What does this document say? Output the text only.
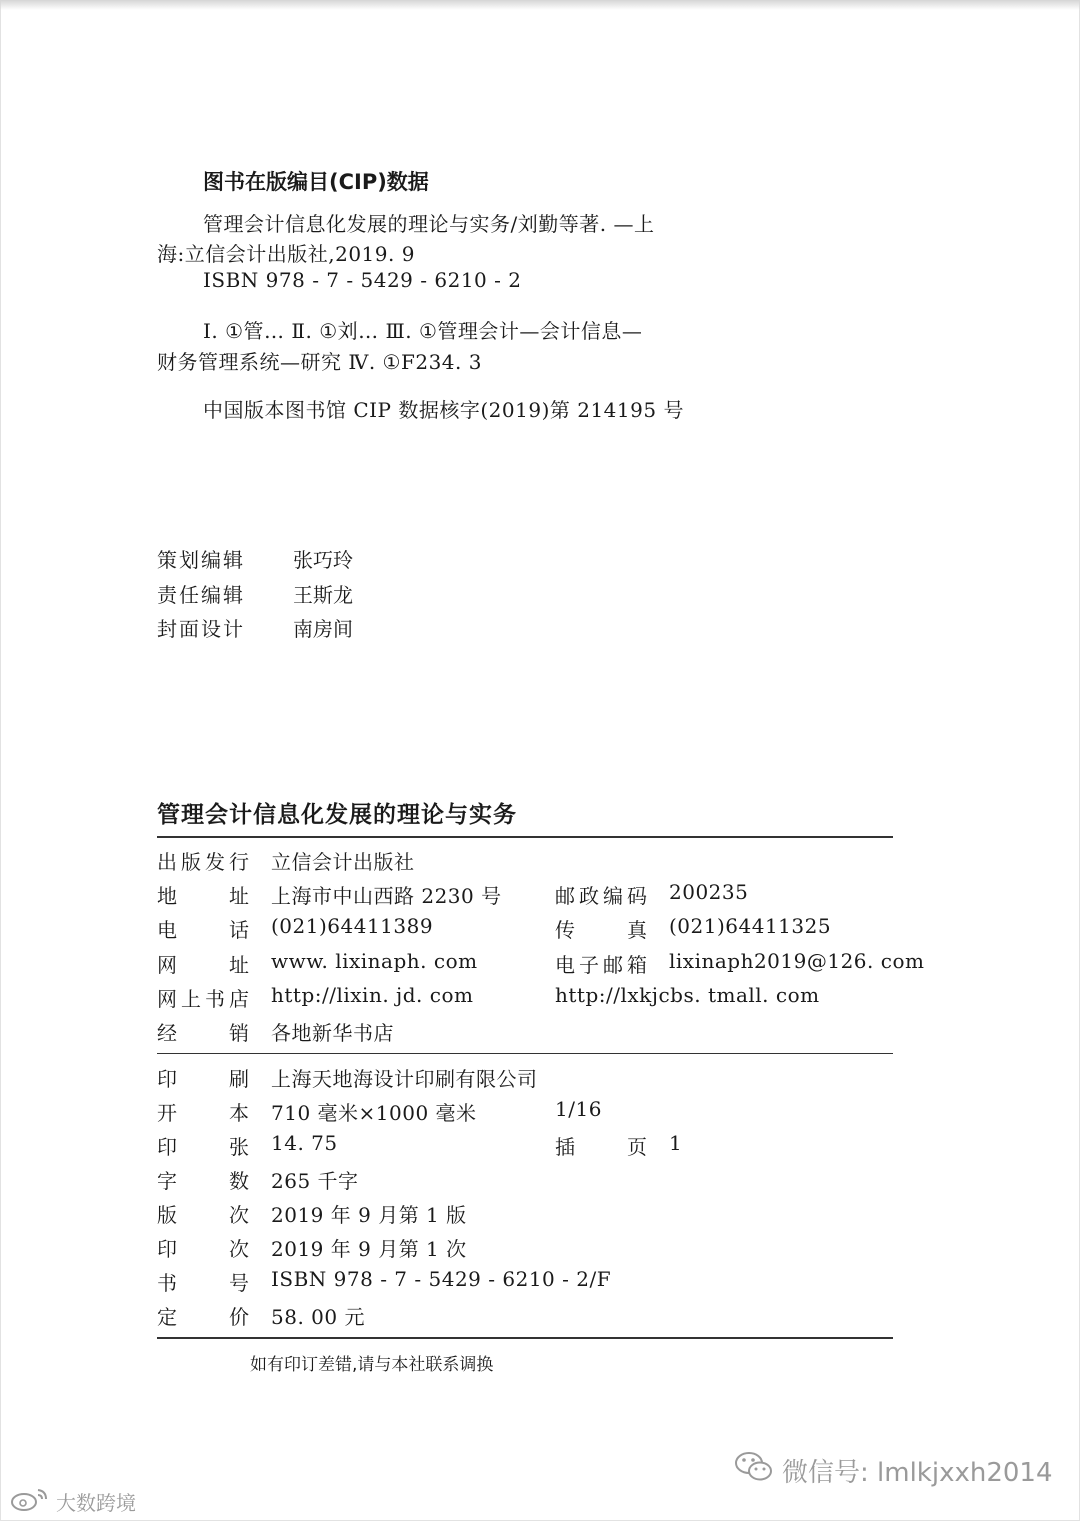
图书在版编目(CIP)数据
管理会计信息化发展的理论与实务/刘勤等著. —上
海:立信会计出版社,2019. 9
ISBN 978 - 7 - 5429 - 6210 - 2
Ⅰ. ①管… Ⅱ. ①刘… Ⅲ. ①管理会计—会计信息—
财务管理系统—研究 Ⅳ. ①F234. 3
中国版本图书馆 CIP 数据核字(2019)第 214195 号
策划编辑 张巧玲
责任编辑 王斯龙
封面设计 南房间
管理会计信息化发展的理论与实务
出版发行 立信会计出版社
地　　址 上海市中山西路 2230 号	邮政编码 200235
电　　话 (021)64411389	传　　真 (021)64411325
网　　址 www. lixinaph. com	电子邮箱 lixinaph2019@126. com
网上书店 http://lixin. jd. com	http://lxkjcbs. tmall. com
经　　销 各地新华书店
印　　刷 上海天地海设计印刷有限公司
开　　本 710 毫米×1000 毫米	1/16
印　　张 14. 75	插　　页 1
字　　数 265 千字
版　　次 2019 年 9 月第 1 版
印　　次 2019 年 9 月第 1 次
书　　号 ISBN 978 - 7 - 5429 - 6210 - 2/F
定　　价 58. 00 元
如有印订差错,请与本社联系调换
微信号: lmlkjxxh2014
大数跨境
